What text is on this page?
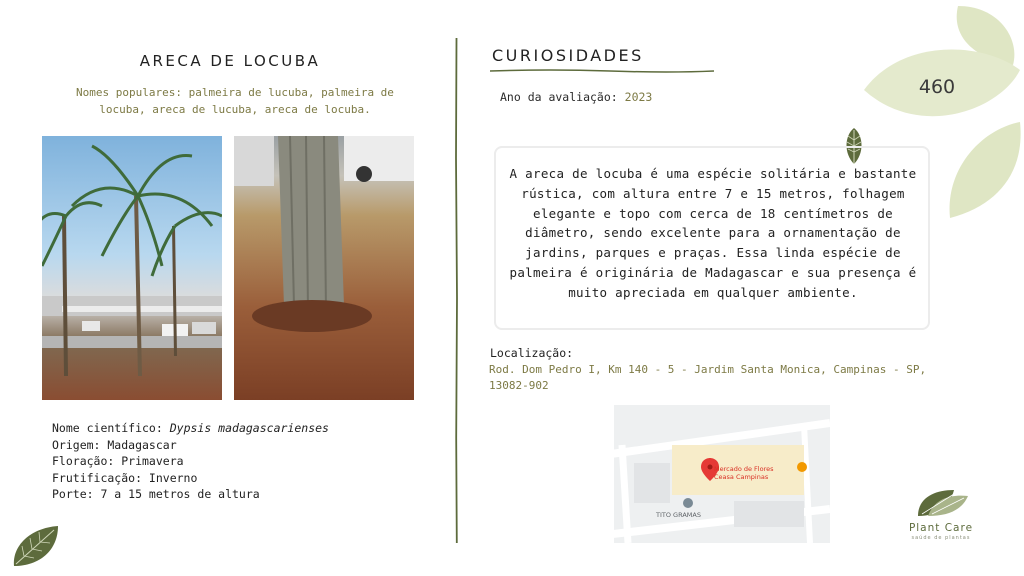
460
ARECA DE LOCUBA
Nomes populares: palmeira de lucuba, palmeira de locuba, areca de lucuba, areca de locuba.
Nome científico: Dypsis madagascarienses
Origem: Madagascar
Floração: Primavera
Frutificação: Inverno
Porte: 7 a 15 metros de altura
CURIOSIDADES
Ano da avaliação: 2023
A areca de locuba é uma espécie solitária e bastante rústica, com altura entre 7 e 15 metros, folhagem elegante e topo com cerca de 18 centímetros de diâmetro, sendo excelente para a ornamentação de jardins, parques e praças. Essa linda espécie de palmeira é originária de Madagascar e sua presença é muito apreciada em qualquer ambiente.
Localização:
Rod. Dom Pedro I, Km 140 - 5 - Jardim Santa Monica, Campinas - SP, 13082-902
Mercado de Flores Ceasa Campinas
TITO GRAMAS
Plant Care
saúde de plantas
